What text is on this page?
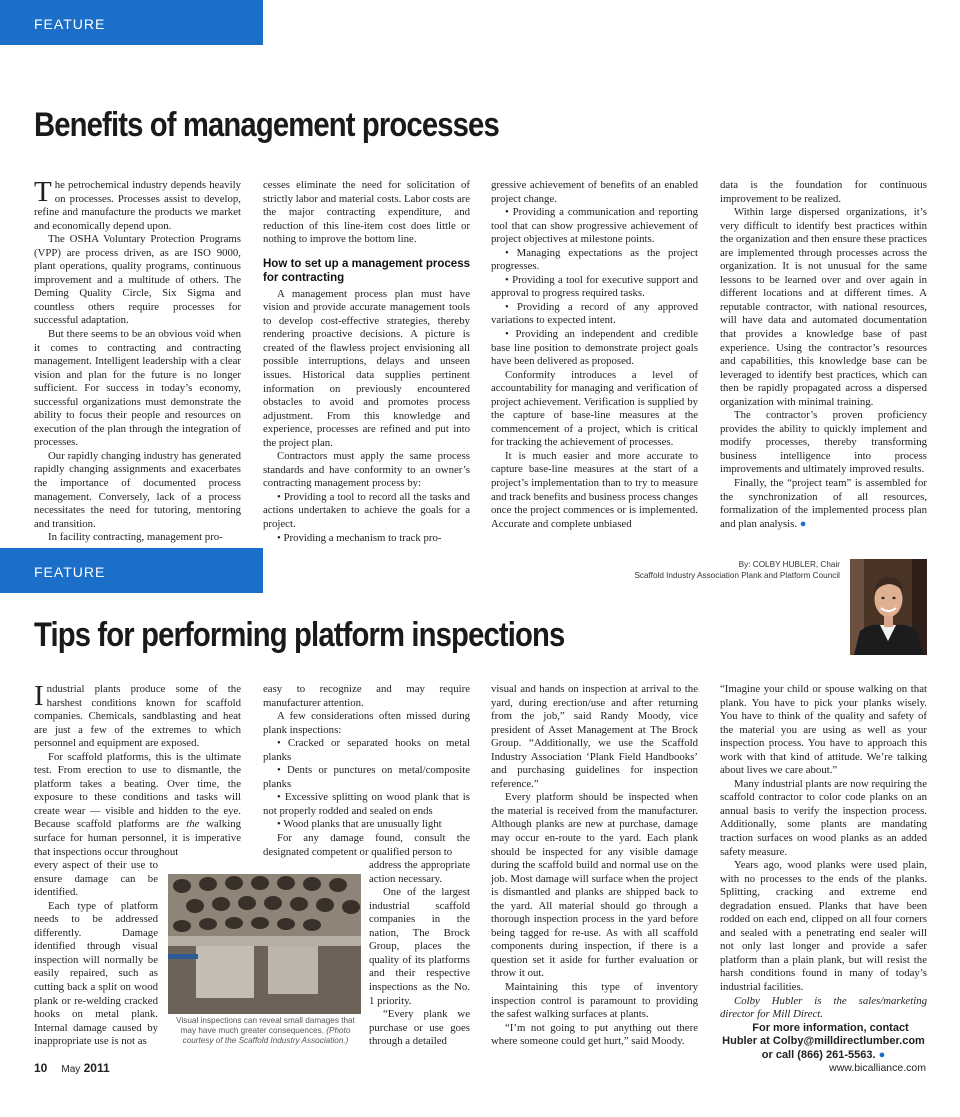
FEATURE
Benefits of management processes

The petrochemical industry depends heavily on processes. Processes assist to develop, refine and manufacture the products we market and economically depend upon.

The OSHA Voluntary Protection Programs (VPP) are process driven, as are ISO 9000, plant operations, quality programs, continuous improvement and a multitude of others. The Deming Quality Circle, Six Sigma and countless others require processes for successful adaptation.

But there seems to be an obvious void when it comes to contracting and contracting management. Intelligent leadership with a clear vision and plan for the future is no longer sufficient. For success in today’s economy, successful organizations must demonstrate the ability to focus their people and resources on execution of the plan through the integration of processes.

Our rapidly changing industry has generated rapidly changing assignments and exacerbates the importance of documented process management. Conversely, lack of a process necessitates the need for tutoring, mentoring and transition.

In facility contracting, management pro-

cesses eliminate the need for solicitation of strictly labor and material costs. Labor costs are the major contracting expenditure, and reduction of this line-item cost does little or nothing to improve the bottom line.

How to set up a management process for contracting

A management process plan must have vision and provide accurate management tools to develop cost-effective strategies, thereby rendering proactive decisions. A picture is created of the flawless project envisioning all possible interruptions, delays and unseen issues. Historical data supplies pertinent information on previously encountered obstacles to avoid and promotes process adjustment. From this knowledge and experience, processes are refined and put into the project plan.

Contractors must apply the same process standards and have conformity to an owner’s contracting management process by:

• Providing a tool to record all the tasks and actions undertaken to achieve the goals for a project.

• Providing a mechanism to track pro-

gressive achievement of benefits of an enabled project change.

• Providing a communication and reporting tool that can show progressive achievement of project objectives at milestone points.

• Managing expectations as the project progresses.

• Providing a tool for executive support and approval to progress required tasks.

• Providing a record of any approved variations to expected intent.

• Providing an independent and credible base line position to demonstrate project goals have been delivered as proposed.

Conformity introduces a level of accountability for managing and verification of project achievement. Verification is supplied by the capture of base-line measures at the commencement of a project, which is critical for tracking the achievement of processes.

It is much easier and more accurate to capture base-line measures at the start of a project’s implementation than to try to measure and track benefits and business process changes once the project commences or is implemented. Accurate and complete unbiased

data is the foundation for continuous improvement to be realized.

Within large dispersed organizations, it’s very difficult to identify best practices within the organization and then ensure these practices are implemented through processes across the organization. It is not unusual for the same lessons to be learned over and over again in different locations and at different times. A reputable contractor, with national resources, will have data and automated documentation that provides a knowledge base of past experience. Using the contractor’s resources and capabilities, this knowledge base can be leveraged to identify best practices, which can then be rapidly propagated across a dispersed organization with minimal training.

The contractor’s proven proficiency provides the ability to quickly implement and modify processes, thereby transforming business intelligence into process improvements and ultimately improved results.

Finally, the “project team” is assembled for the synchronization of all resources, formalization of the implemented process plan and plan analysis. ●

FEATURE	By: COLBY HUBLER, Chair
Scaffold Industry Association Plank and Platform Council
Tips for performing platform inspections

Industrial plants produce some of the harshest conditions known for scaffold companies. Chemicals, sandblasting and heat are just a few of the extremes to which personnel and equipment are exposed.

For scaffold platforms, this is the ultimate test. From erection to use to dismantle, the platform takes a beating. Over time, the exposure to these conditions and tasks will create wear — visible and hidden to the eye. Because scaffold platforms are the walking surface for human personnel, it is imperative that inspections occur throughout

every aspect of their use to ensure damage can be identified.

Each type of platform needs to be addressed differently. Damage identified through visual inspection will normally be easily repaired, such as cutting back a split on wood plank or re-welding cracked hooks on metal plank. Internal damage caused by inappropriate use is not as

easy to recognize and may require manufacturer attention.

A few considerations often missed during plank inspections:

• Cracked or separated hooks on metal planks

• Dents or punctures on metal/composite planks

• Excessive splitting on wood plank that is not properly rodded and sealed on ends

• Wood planks that are unusually light

For any damage found, consult the designated competent or qualified person to

address the appropriate action necessary.

One of the largest industrial scaffold companies in the nation, The Brock Group, places the quality of its platforms and their respective inspections as the No. 1 priority.

“Every plank we purchase or use goes through a detailed

Visual inspections can reveal small damages that may have much greater consequences. (Photo courtesy of the Scaffold Industry Association.)

visual and hands on inspection at arrival to the yard, during erection/use and after returning from the job,” said Randy Moody, vice president of Asset Management at The Brock Group. “Additionally, we use the Scaffold Industry Association ‘Plank Field Handbooks’ and purchasing guidelines for inspection reference.”

Every platform should be inspected when the material is received from the manufacturer. Although planks are new at purchase, damage may occur en-route to the yard. Each plank should be inspected for any visible damage during the scaffold build and normal use on the job. Most damage will surface when the project is dismantled and planks are shipped back to the yard. All material should go through a thorough inspection process in the yard before being tagged for re-use. As with all scaffold components during inspection, if there is a question set it aside for further evaluation or throw it out.

Maintaining this type of inventory inspection control is paramount to providing the safest walking surfaces at plants.

“I’m not going to put anything out there where someone could get hurt,” said Moody.

“Imagine your child or spouse walking on that plank. You have to pick your planks wisely. You have to think of the quality and safety of the material you are using as well as your inspection process. You have to approach this work with that kind of attitude. We’re talking about lives we care about.”

Many industrial plants are now requiring the scaffold contractor to color code planks on an annual basis to verify the inspection process. Additionally, some plants are mandating traction surfaces on wood planks as an added safety measure.

Years ago, wood planks were used plain, with no processes to the ends of the planks. Splitting, cracking and extreme end degradation ensued. Planks that have been rodded on each end, clipped on all four corners and sealed with a penetrating end sealer will not only last longer and provide a safer platform than a plain plank, but will resist the harsh conditions found in many of today’s industrial facilities.

Colby Hubler is the sales/marketing director for Mill Direct.

For more information, contact Hubler at Colby@milldirectlumber.com or call (866) 261-5563. ●

10 May 2011	www.bicalliance.com
